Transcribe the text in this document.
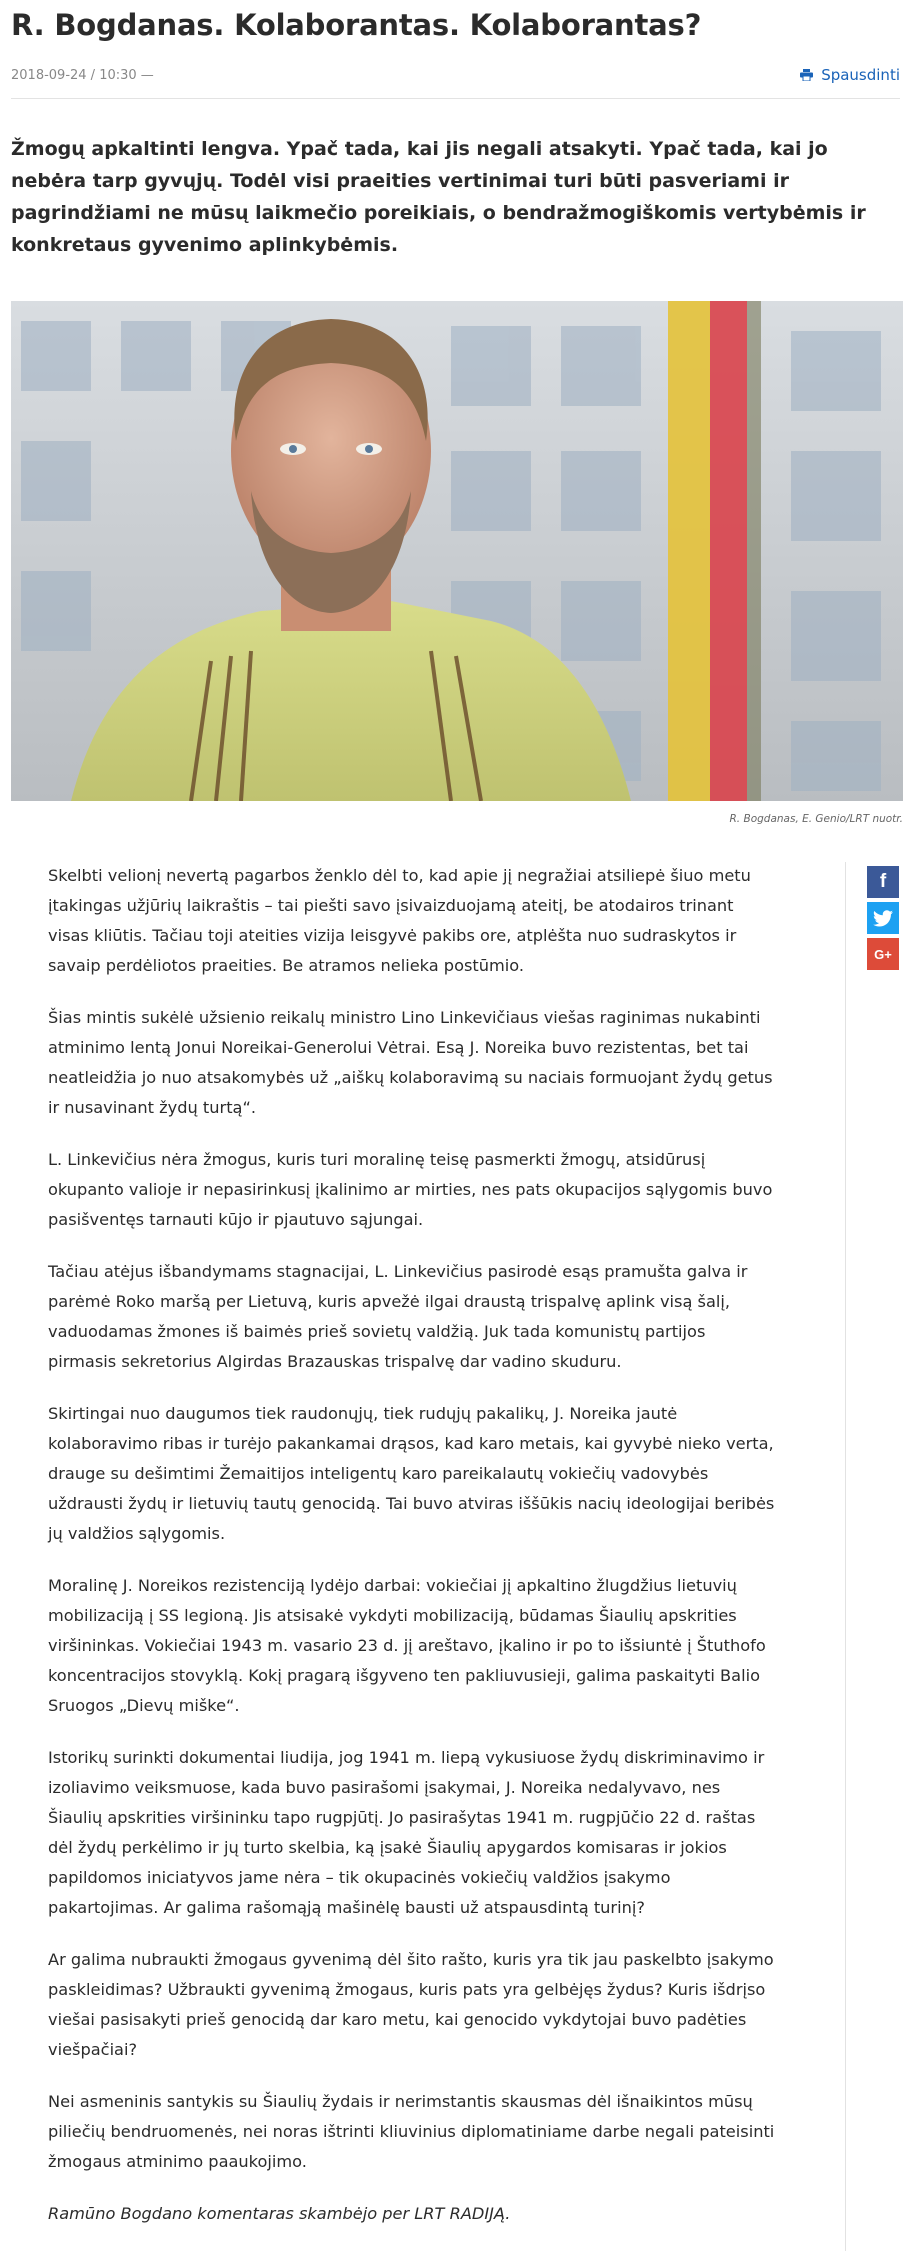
R. Bogdanas. Kolaborantas. Kolaborantas?
2018-09-24 / 10:30 —	Spausdinti

Žmogų apkaltinti lengva. Ypač tada, kai jis negali atsakyti. Ypač tada, kai jo nebėra tarp gyvųjų. Todėl visi praeities vertinimai turi būti pasveriami ir pagrindžiami ne mūsų laikmečio poreikiais, o bendražmogiškomis vertybėmis ir konkretaus gyvenimo aplinkybėmis.

R. Bogdanas, E. Genio/LRT nuotr.
f
G+

Skelbti velionį nevertą pagarbos ženklo dėl to, kad apie jį negražiai atsiliepė šiuo metu įtakingas užjūrių laikraštis – tai piešti savo įsivaizduojamą ateitį, be atodairos trinant visas kliūtis. Tačiau toji ateities vizija leisgyvė pakibs ore, atplėšta nuo sudraskytos ir savaip perdėliotos praeities. Be atramos nelieka postūmio.

Šias mintis sukėlė užsienio reikalų ministro Lino Linkevičiaus viešas raginimas nukabinti atminimo lentą Jonui Noreikai-Generolui Vėtrai. Esą J. Noreika buvo rezistentas, bet tai neatleidžia jo nuo atsakomybės už „aiškų kolaboravimą su naciais formuojant žydų getus ir nusavinant žydų turtą“.

L. Linkevičius nėra žmogus, kuris turi moralinę teisę pasmerkti žmogų, atsidūrusį okupanto valioje ir nepasirinkusį įkalinimo ar mirties, nes pats okupacijos sąlygomis buvo pasišventęs tarnauti kūjo ir pjautuvo sąjungai.

Tačiau atėjus išbandymams stagnacijai, L. Linkevičius pasirodė esąs pramušta galva ir parėmė Roko maršą per Lietuvą, kuris apvežė ilgai draustą trispalvę aplink visą šalį, vaduodamas žmones iš baimės prieš sovietų valdžią. Juk tada komunistų partijos pirmasis sekretorius Algirdas Brazauskas trispalvę dar vadino skuduru.

Skirtingai nuo daugumos tiek raudonųjų, tiek rudųjų pakalikų, J. Noreika jautė kolaboravimo ribas ir turėjo pakankamai drąsos, kad karo metais, kai gyvybė nieko verta, drauge su dešimtimi Žemaitijos inteligentų karo pareikalautų vokiečių vadovybės uždrausti žydų ir lietuvių tautų genocidą. Tai buvo atviras iššūkis nacių ideologijai beribės jų valdžios sąlygomis.

Moralinę J. Noreikos rezistenciją lydėjo darbai: vokiečiai jį apkaltino žlugdžius lietuvių mobilizaciją į SS legioną. Jis atsisakė vykdyti mobilizaciją, būdamas Šiaulių apskrities viršininkas. Vokiečiai 1943 m. vasario 23 d. jį areštavo, įkalino ir po to išsiuntė į Štuthofo koncentracijos stovyklą. Kokį pragarą išgyveno ten pakliuvusieji, galima paskaityti Balio Sruogos „Dievų miške“.

Istorikų surinkti dokumentai liudija, jog 1941 m. liepą vykusiuose žydų diskriminavimo ir izoliavimo veiksmuose, kada buvo pasirašomi įsakymai, J. Noreika nedalyvavo, nes Šiaulių apskrities viršininku tapo rugpjūtį. Jo pasirašytas 1941 m. rugpjūčio 22 d. raštas dėl žydų perkėlimo ir jų turto skelbia, ką įsakė Šiaulių apygardos komisaras ir jokios papildomos iniciatyvos jame nėra – tik okupacinės vokiečių valdžios įsakymo pakartojimas. Ar galima rašomąją mašinėlę bausti už atspausdintą turinį?

Ar galima nubraukti žmogaus gyvenimą dėl šito rašto, kuris yra tik jau paskelbto įsakymo paskleidimas? Užbraukti gyvenimą žmogaus, kuris pats yra gelbėjęs žydus? Kuris išdrįso viešai pasisakyti prieš genocidą dar karo metu, kai genocido vykdytojai buvo padėties viešpačiai?

Nei asmeninis santykis su Šiaulių žydais ir nerimstantis skausmas dėl išnaikintos mūsų piliečių bendruomenės, nei noras ištrinti kliuvinius diplomatiniame darbe negali pateisinti žmogaus atminimo paaukojimo.

Ramūno Bogdano komentaras skambėjo per LRT RADIJĄ.
